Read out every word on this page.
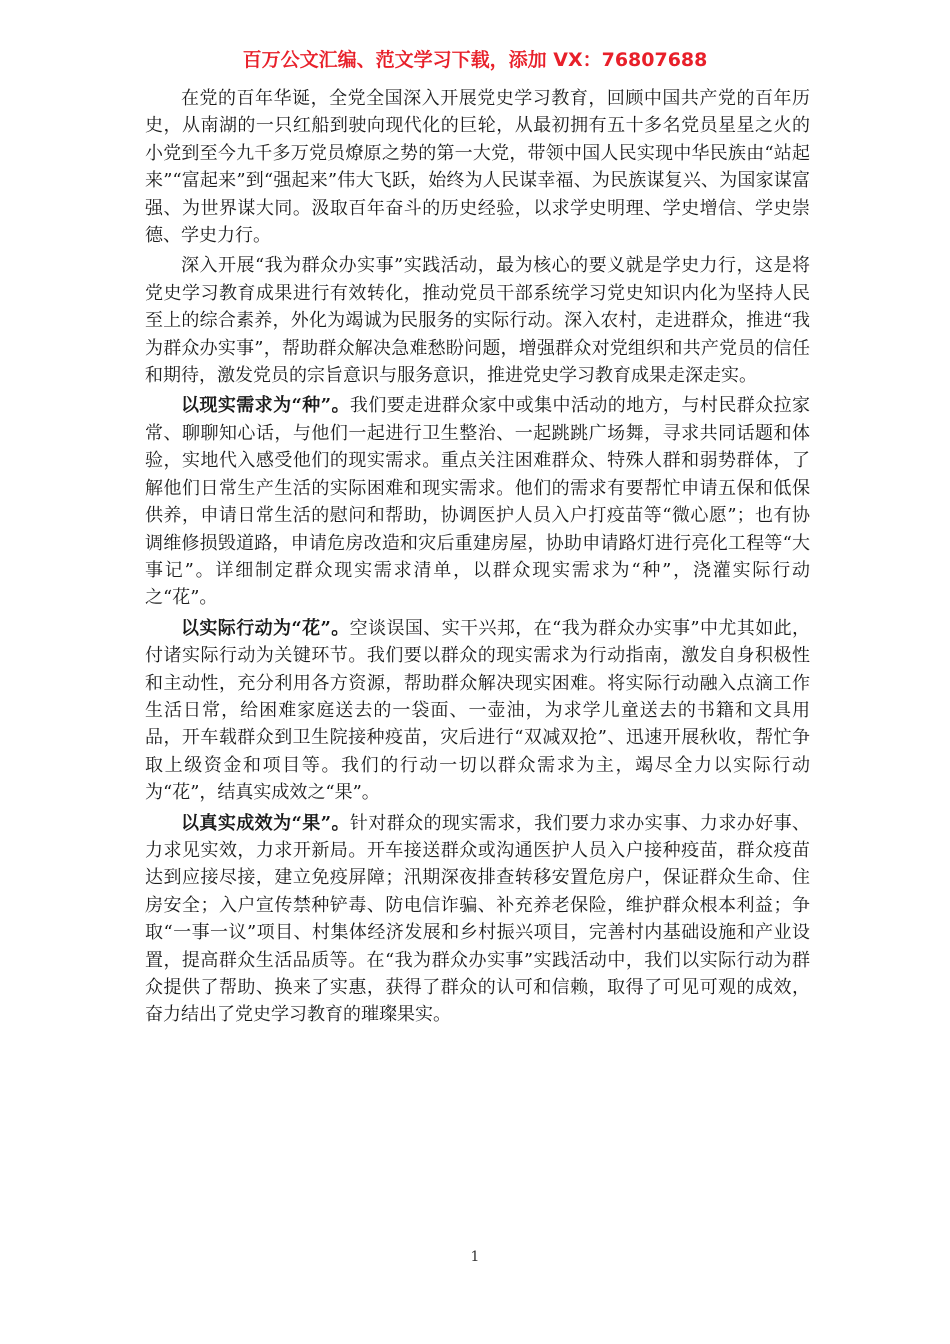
百万公文汇编、范文学习下载，添加 VX：76807688

在党的百年华诞，全党全国深入开展党史学习教育，回顾中国共产党的百年历史，从南湖的一只红船到驶向现代化的巨轮，从最初拥有五十多名党员星星之火的小党到至今九千多万党员燎原之势的第一大党，带领中国人民实现中华民族由“站起来”“富起来”到“强起来”伟大飞跃，始终为人民谋幸福、为民族谋复兴、为国家谋富强、为世界谋大同。汲取百年奋斗的历史经验，以求学史明理、学史增信、学史崇德、学史力行。

深入开展“我为群众办实事”实践活动，最为核心的要义就是学史力行，这是将党史学习教育成果进行有效转化，推动党员干部系统学习党史知识内化为坚持人民至上的综合素养，外化为竭诚为民服务的实际行动。深入农村，走进群众，推进“我为群众办实事”，帮助群众解决急难愁盼问题，增强群众对党组织和共产党员的信任和期待，激发党员的宗旨意识与服务意识，推进党史学习教育成果走深走实。

以现实需求为“种”。我们要走进群众家中或集中活动的地方，与村民群众拉家常、聊聊知心话，与他们一起进行卫生整治、一起跳跳广场舞，寻求共同话题和体验，实地代入感受他们的现实需求。重点关注困难群众、特殊人群和弱势群体，了解他们日常生产生活的实际困难和现实需求。他们的需求有要帮忙申请五保和低保供养，申请日常生活的慰问和帮助，协调医护人员入户打疫苗等“微心愿”；也有协调维修损毁道路，申请危房改造和灾后重建房屋，协助申请路灯进行亮化工程等“大事记”。详细制定群众现实需求清单，以群众现实需求为“种”，浇灌实际行动之“花”。

以实际行动为“花”。空谈误国、实干兴邦，在“我为群众办实事”中尤其如此，付诸实际行动为关键环节。我们要以群众的现实需求为行动指南，激发自身积极性和主动性，充分利用各方资源，帮助群众解决现实困难。将实际行动融入点滴工作生活日常，给困难家庭送去的一袋面、一壶油，为求学儿童送去的书籍和文具用品，开车载群众到卫生院接种疫苗，灾后进行“双减双抢”、迅速开展秋收，帮忙争取上级资金和项目等。我们的行动一切以群众需求为主，竭尽全力以实际行动为“花”，结真实成效之“果”。

以真实成效为“果”。针对群众的现实需求，我们要力求办实事、力求办好事、力求见实效，力求开新局。开车接送群众或沟通医护人员入户接种疫苗，群众疫苗达到应接尽接，建立免疫屏障；汛期深夜排查转移安置危房户，保证群众生命、住房安全；入户宣传禁种铲毒、防电信诈骗、补充养老保险，维护群众根本利益；争取“一事一议”项目、村集体经济发展和乡村振兴项目，完善村内基础设施和产业设置，提高群众生活品质等。在“我为群众办实事”实践活动中，我们以实际行动为群众提供了帮助、换来了实惠，获得了群众的认可和信赖，取得了可见可观的成效，奋力结出了党史学习教育的璀璨果实。

1
